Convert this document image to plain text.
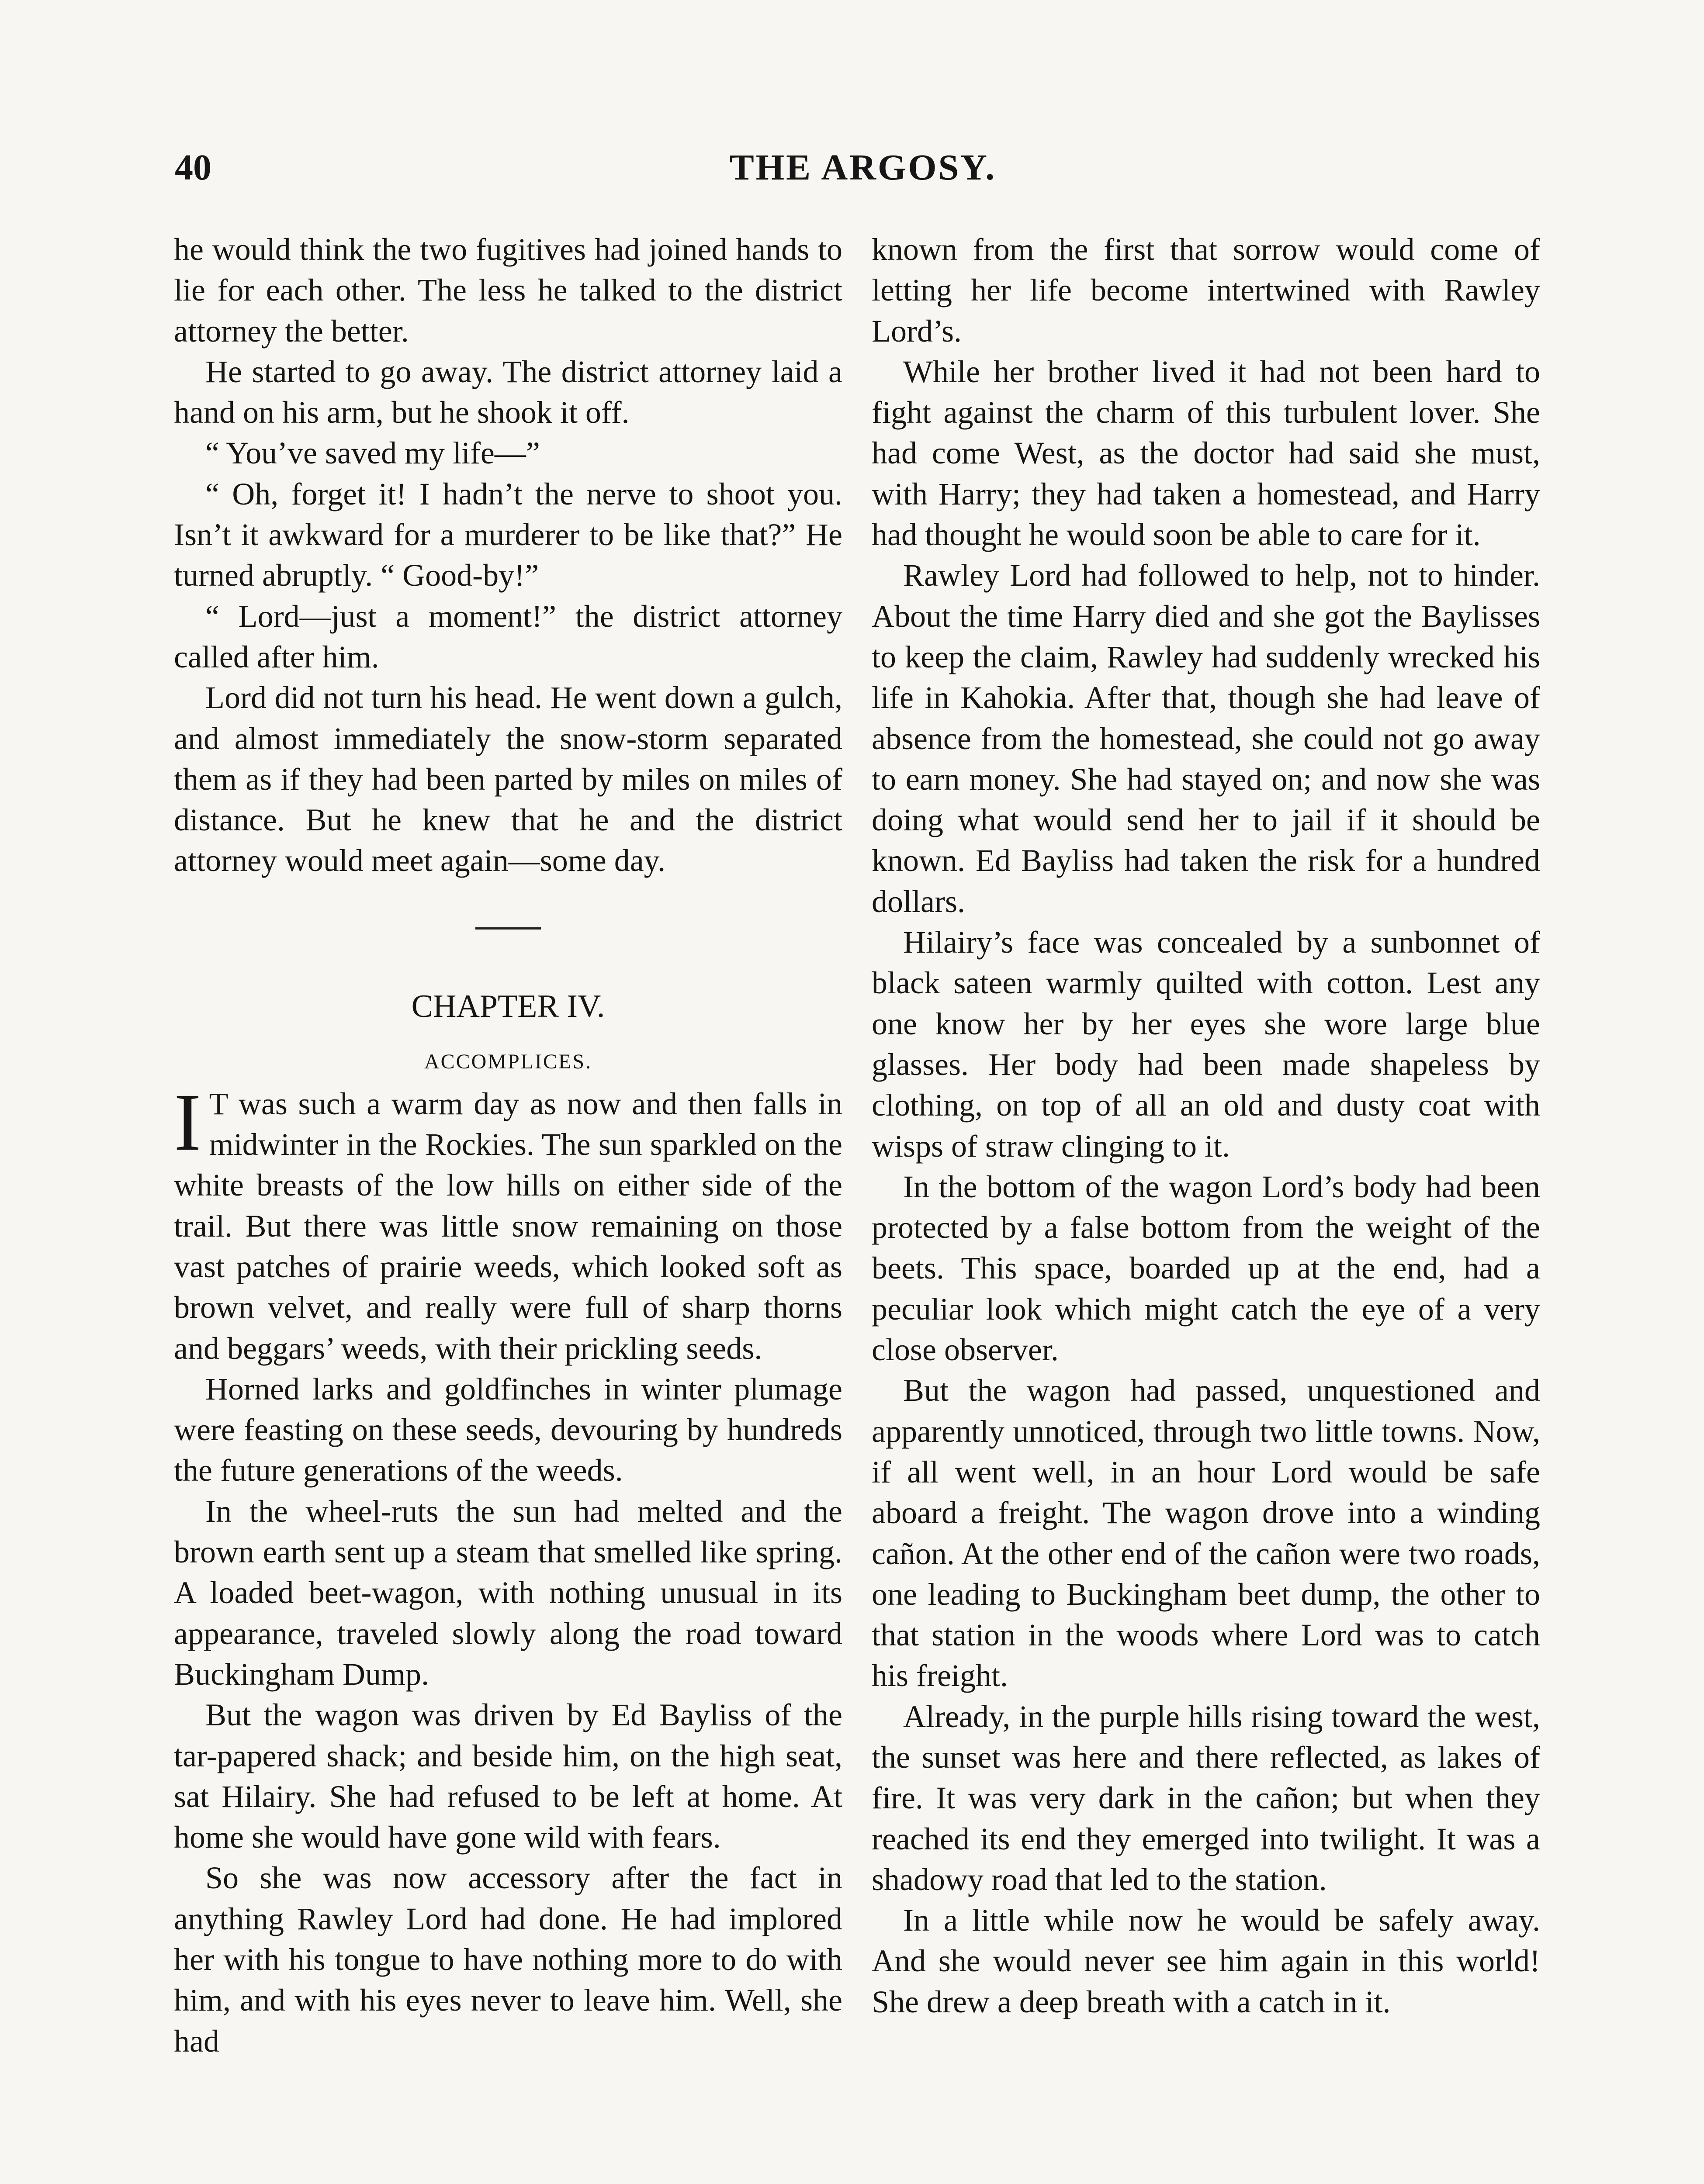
40	THE ARGOSY.

he would think the two fugitives had joined hands to lie for each other. The less he talked to the district attorney the better.

He started to go away. The district attorney laid a hand on his arm, but he shook it off.

“ You’ve saved my life—”

“ Oh, forget it! I hadn’t the nerve to shoot you. Isn’t it awkward for a murderer to be like that?” He turned abruptly. “ Good-by!”

“ Lord—just a moment!” the district attorney called after him.

Lord did not turn his head. He went down a gulch, and almost immediately the snow-storm separated them as if they had been parted by miles on miles of distance. But he knew that he and the district attorney would meet again—some day.

CHAPTER IV.
ACCOMPLICES.

I T was such a warm day as now and then falls in midwinter in the Rockies. The sun sparkled on the white breasts of the low hills on either side of the trail. But there was little snow remaining on those vast patches of prairie weeds, which looked soft as brown velvet, and really were full of sharp thorns and beggars’ weeds, with their prickling seeds.

Horned larks and goldfinches in winter plumage were feasting on these seeds, devouring by hundreds the future generations of the weeds.

In the wheel-ruts the sun had melted and the brown earth sent up a steam that smelled like spring. A loaded beet-wagon, with nothing unusual in its appearance, traveled slowly along the road toward Buckingham Dump.

But the wagon was driven by Ed Bayliss of the tar-papered shack; and beside him, on the high seat, sat Hilairy. She had refused to be left at home. At home she would have gone wild with fears.

So she was now accessory after the fact in anything Rawley Lord had done. He had implored her with his tongue to have nothing more to do with him, and with his eyes never to leave him. Well, she had

known from the first that sorrow would come of letting her life become intertwined with Rawley Lord’s.

While her brother lived it had not been hard to fight against the charm of this turbulent lover. She had come West, as the doctor had said she must, with Harry; they had taken a homestead, and Harry had thought he would soon be able to care for it.

Rawley Lord had followed to help, not to hinder. About the time Harry died and she got the Baylisses to keep the claim, Rawley had suddenly wrecked his life in Kahokia. After that, though she had leave of absence from the homestead, she could not go away to earn money. She had stayed on; and now she was doing what would send her to jail if it should be known. Ed Bayliss had taken the risk for a hundred dollars.

Hilairy’s face was concealed by a sunbonnet of black sateen warmly quilted with cotton. Lest any one know her by her eyes she wore large blue glasses. Her body had been made shapeless by clothing, on top of all an old and dusty coat with wisps of straw clinging to it.

In the bottom of the wagon Lord’s body had been protected by a false bottom from the weight of the beets. This space, boarded up at the end, had a peculiar look which might catch the eye of a very close observer.

But the wagon had passed, unquestioned and apparently unnoticed, through two little towns. Now, if all went well, in an hour Lord would be safe aboard a freight. The wagon drove into a winding cañon. At the other end of the cañon were two roads, one leading to Buckingham beet dump, the other to that station in the woods where Lord was to catch his freight.

Already, in the purple hills rising toward the west, the sunset was here and there reflected, as lakes of fire. It was very dark in the cañon; but when they reached its end they emerged into twilight. It was a shadowy road that led to the station.

In a little while now he would be safely away. And she would never see him again in this world! She drew a deep breath with a catch in it.
